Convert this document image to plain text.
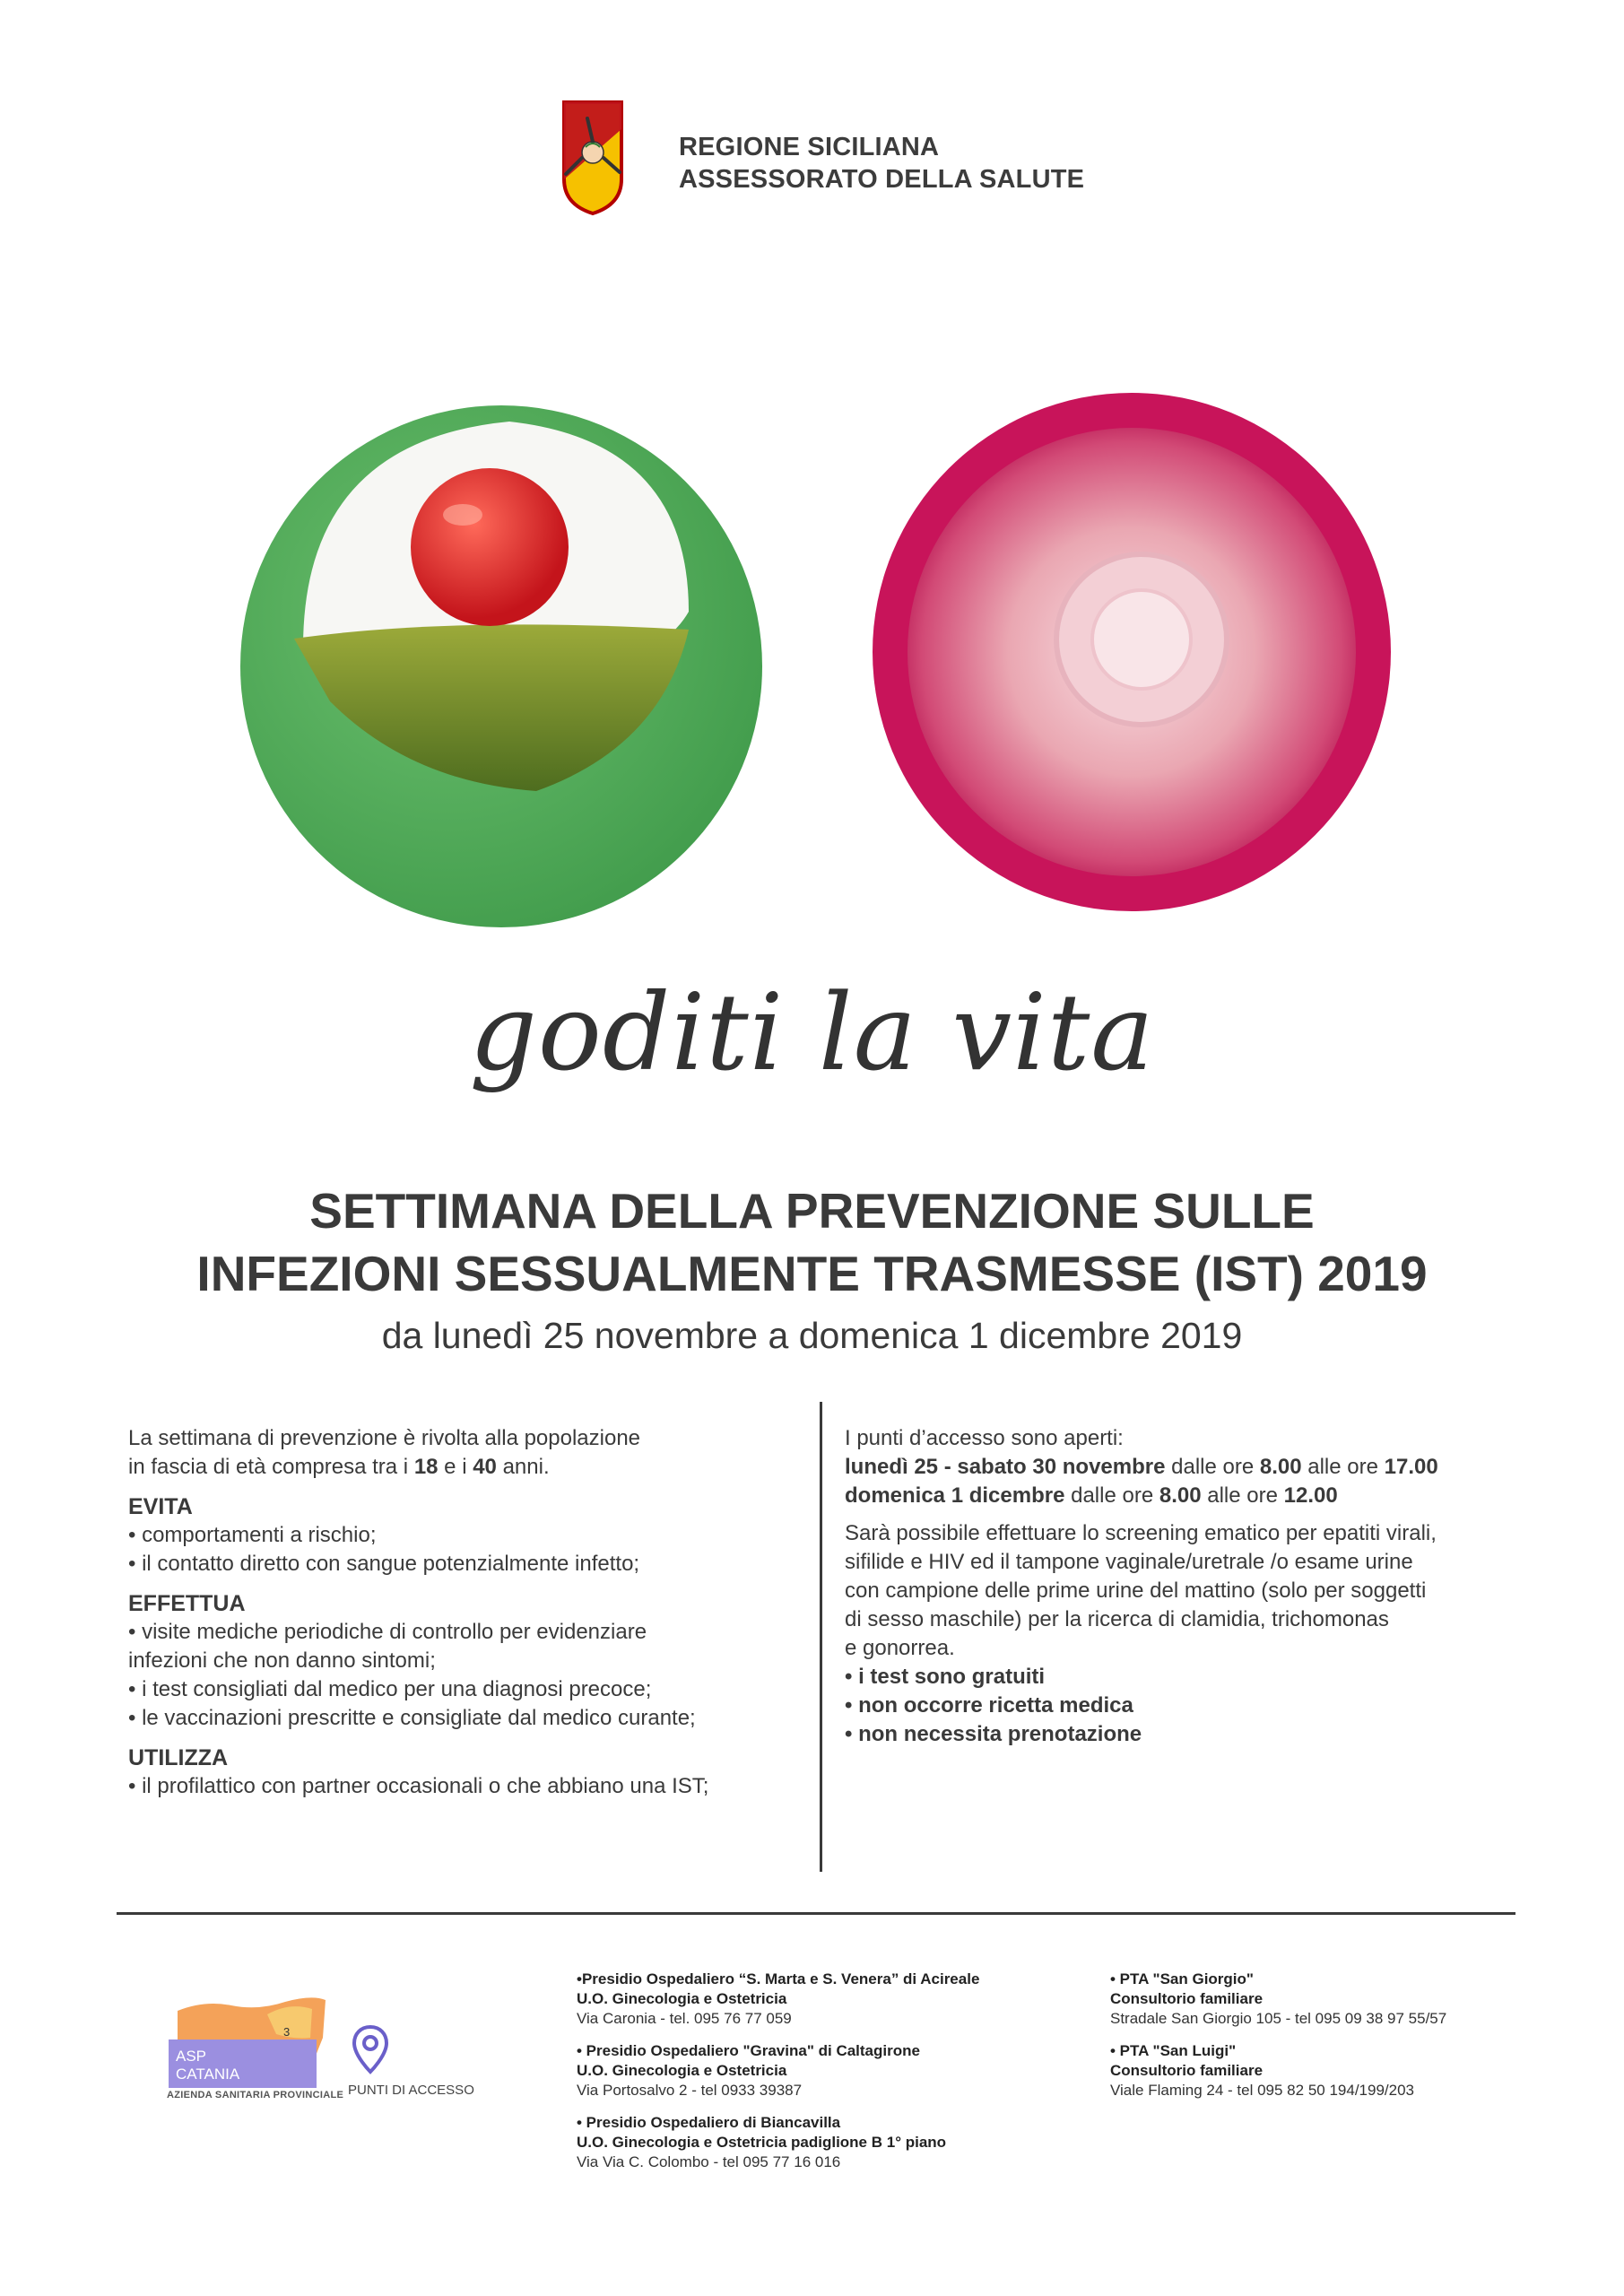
REGIONE SICILIANA
ASSESSORATO DELLA SALUTE
goditi la vita
SETTIMANA DELLA PREVENZIONE SULLE
INFEZIONI SESSUALMENTE TRASMESSE (IST) 2019
da lunedì 25 novembre a domenica 1 dicembre 2019

La settimana di prevenzione è rivolta alla popolazione

in fascia di età compresa tra i 18 e i 40 anni.

EVITA

• comportamenti a rischio;

• il contatto diretto con sangue potenzialmente infetto;

EFFETTUA

• visite mediche periodiche di controllo per evidenziare

infezioni che non danno sintomi;

• i test consigliati dal medico per una diagnosi precoce;

• le vaccinazioni prescritte e consigliate dal medico curante;

UTILIZZA

• il profilattico con partner occasionali o che abbiano una IST;

I punti d’accesso sono aperti:

lunedì 25 - sabato 30 novembre dalle ore 8.00 alle ore 17.00

domenica 1 dicembre dalle ore 8.00 alle ore 12.00

Sarà possibile effettuare lo screening ematico per epatiti virali,

sifilide e HIV ed il tampone vaginale/uretrale /o esame urine

con campione delle prime urine del mattino (solo per soggetti

di sesso maschile) per la ricerca di clamidia, trichomonas

e gonorrea.

• i test sono gratuiti

• non occorre ricetta medica

• non necessita prenotazione

3
ASP
CATANIA
AZIENDA SANITARIA PROVINCIALE PUNTI DI ACCESSO
•Presidio Ospedaliero “S. Marta e S. Venera” di Acireale
U.O. Ginecologia e Ostetricia
Via Caronia - tel. 095 76 77 059
• Presidio Ospedaliero "Gravina" di Caltagirone
U.O. Ginecologia e Ostetricia
Via Portosalvo 2 - tel 0933 39387
• Presidio Ospedaliero di Biancavilla
U.O. Ginecologia e Ostetricia padiglione B 1° piano
Via Via C. Colombo - tel 095 77 16 016
• PTA "San Giorgio"
Consultorio familiare
Stradale San Giorgio 105 - tel 095 09 38 97 55/57
• PTA "San Luigi"
Consultorio familiare
Viale Flaming 24 - tel 095 82 50 194/199/203
